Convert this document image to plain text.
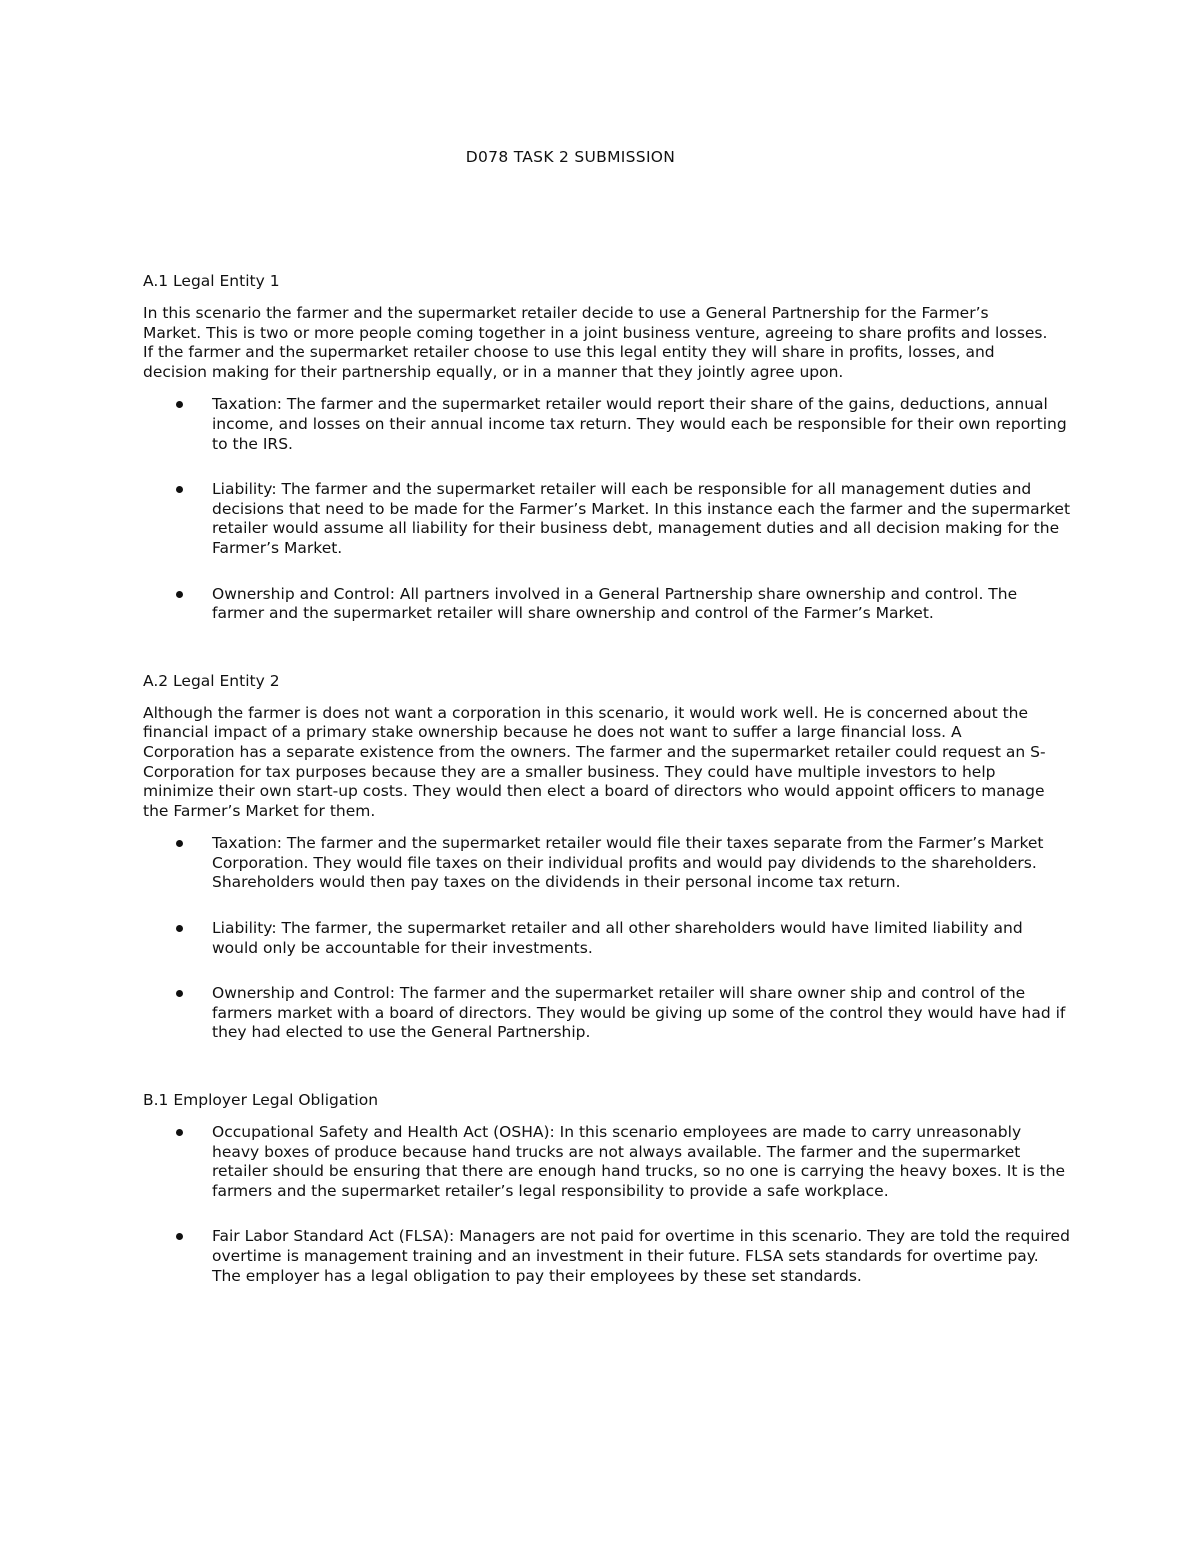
D078 TASK 2 SUBMISSION
A.1 Legal Entity 1
In this scenario the farmer and the supermarket retailer decide to use a General Partnership for the Farmer’s Market. This is two or more people coming together in a joint business venture, agreeing to share profits and losses. If the farmer and the supermarket retailer choose to use this legal entity they will share in profits, losses, and decision making for their partnership equally, or in a manner that they jointly agree upon.
Taxation: The farmer and the supermarket retailer would report their share of the gains, deductions, annual income, and losses on their annual income tax return. They would each be responsible for their own reporting to the IRS.
Liability: The farmer and the supermarket retailer will each be responsible for all management duties and decisions that need to be made for the Farmer’s Market. In this instance each the farmer and the supermarket retailer would assume all liability for their business debt, management duties and all decision making for the Farmer’s Market.
Ownership and Control: All partners involved in a General Partnership share ownership and control. The farmer and the supermarket retailer will share ownership and control of the Farmer’s Market.
A.2 Legal Entity 2
Although the farmer is does not want a corporation in this scenario, it would work well. He is concerned about the financial impact of a primary stake ownership because he does not want to suffer a large financial loss. A Corporation has a separate existence from the owners. The farmer and the supermarket retailer could request an S-Corporation for tax purposes because they are a smaller business. They could have multiple investors to help minimize their own start-up costs. They would then elect a board of directors who would appoint officers to manage the Farmer’s Market for them.
Taxation: The farmer and the supermarket retailer would file their taxes separate from the Farmer’s Market Corporation. They would file taxes on their individual profits and would pay dividends to the shareholders. Shareholders would then pay taxes on the dividends in their personal income tax return.
Liability: The farmer, the supermarket retailer and all other shareholders would have limited liability and would only be accountable for their investments.
Ownership and Control: The farmer and the supermarket retailer will share owner ship and control of the farmers market with a board of directors. They would be giving up some of the control they would have had if they had elected to use the General Partnership.
B.1 Employer Legal Obligation
Occupational Safety and Health Act (OSHA): In this scenario employees are made to carry unreasonably heavy boxes of produce because hand trucks are not always available. The farmer and the supermarket retailer should be ensuring that there are enough hand trucks, so no one is carrying the heavy boxes. It is the farmers and the supermarket retailer’s legal responsibility to provide a safe workplace.
Fair Labor Standard Act (FLSA): Managers are not paid for overtime in this scenario. They are told the required overtime is management training and an investment in their future. FLSA sets standards for overtime pay. The employer has a legal obligation to pay their employees by these set standards.
